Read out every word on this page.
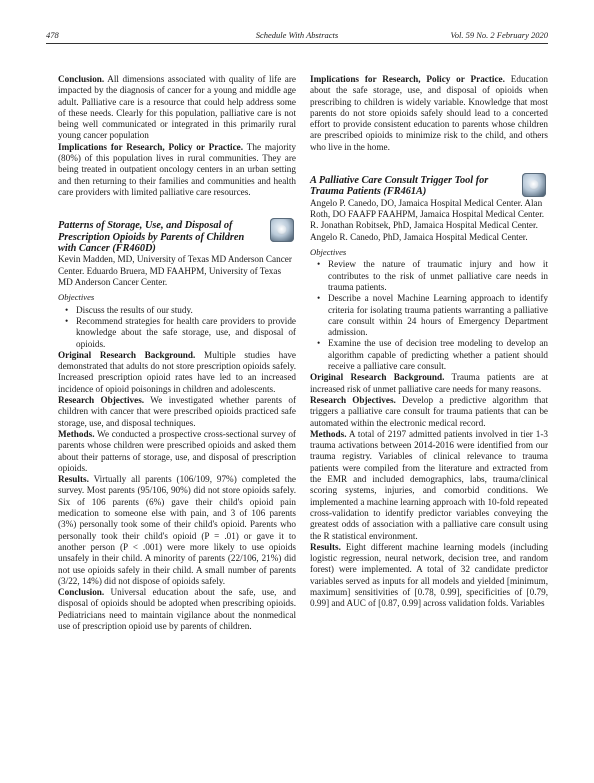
478	Schedule With Abstracts	Vol. 59 No. 2 February 2020

Conclusion. All dimensions associated with quality of life are impacted by the diagnosis of cancer for a young and middle age adult. Palliative care is a resource that could help address some of these needs. Clearly for this population, palliative care is not being well communicated or integrated in this primarily rural young cancer population

Implications for Research, Policy or Practice. The majority (80%) of this population lives in rural communities. They are being treated in outpatient oncology centers in an urban setting and then returning to their families and communities and health care providers with limited palliative care resources.

Patterns of Storage, Use, and Disposal of Prescription Opioids by Parents of Children with Cancer (FR460D)

Kevin Madden, MD, University of Texas MD Anderson Cancer Center. Eduardo Bruera, MD FAAHPM, University of Texas MD Anderson Cancer Center.

Objectives
• Discuss the results of our study.
• Recommend strategies for health care providers to provide knowledge about the safe storage, use, and disposal of opioids.

Original Research Background. Multiple studies have demonstrated that adults do not store prescription opioids safely. Increased prescription opioid rates have led to an increased incidence of opioid poisonings in children and adolescents.

Research Objectives. We investigated whether parents of children with cancer that were prescribed opioids practiced safe storage, use, and disposal techniques.

Methods. We conducted a prospective cross-sectional survey of parents whose children were prescribed opioids and asked them about their patterns of storage, use, and disposal of prescription opioids.

Results. Virtually all parents (106/109, 97%) completed the survey. Most parents (95/106, 90%) did not store opioids safely. Six of 106 parents (6%) gave their child's opioid pain medication to someone else with pain, and 3 of 106 parents (3%) personally took some of their child's opioid. Parents who personally took their child's opioid (P = .01) or gave it to another person (P < .001) were more likely to use opioids unsafely in their child. A minority of parents (22/106, 21%) did not use opioids safely in their child. A small number of parents (3/22, 14%) did not dispose of opioids safely.

Conclusion. Universal education about the safe, use, and disposal of opioids should be adopted when prescribing opioids. Pediatricians need to maintain vigilance about the nonmedical use of prescription opioid use by parents of children.

Implications for Research, Policy or Practice. Education about the safe storage, use, and disposal of opioids when prescribing to children is widely variable. Knowledge that most parents do not store opioids safely should lead to a concerted effort to provide consistent education to parents whose children are prescribed opioids to minimize risk to the child, and others who live in the home.

A Palliative Care Consult Trigger Tool for Trauma Patients (FR461A)

Angelo P. Canedo, DO, Jamaica Hospital Medical Center. Alan Roth, DO FAAFP FAAHPM, Jamaica Hospital Medical Center. R. Jonathan Robitsek, PhD, Jamaica Hospital Medical Center. Angelo R. Canedo, PhD, Jamaica Hospital Medical Center.

Objectives
• Review the nature of traumatic injury and how it contributes to the risk of unmet palliative care needs in trauma patients.
• Describe a novel Machine Learning approach to identify criteria for isolating trauma patients warranting a palliative care consult within 24 hours of Emergency Department admission.
• Examine the use of decision tree modeling to develop an algorithm capable of predicting whether a patient should receive a palliative care consult.

Original Research Background. Trauma patients are at increased risk of unmet palliative care needs for many reasons.

Research Objectives. Develop a predictive algorithm that triggers a palliative care consult for trauma patients that can be automated within the electronic medical record.

Methods. A total of 2197 admitted patients involved in tier 1-3 trauma activations between 2014-2016 were identified from our trauma registry. Variables of clinical relevance to trauma patients were compiled from the literature and extracted from the EMR and included demographics, labs, trauma/clinical scoring systems, injuries, and comorbid conditions. We implemented a machine learning approach with 10-fold repeated cross-validation to identify predictor variables conveying the greatest odds of association with a palliative care consult using the R statistical environment.

Results. Eight different machine learning models (including logistic regression, neural network, decision tree, and random forest) were implemented. A total of 32 candidate predictor variables served as inputs for all models and yielded [minimum, maximum] sensitivities of [0.78, 0.99], specificities of [0.79, 0.99] and AUC of [0.87, 0.99] across validation folds. Variables
